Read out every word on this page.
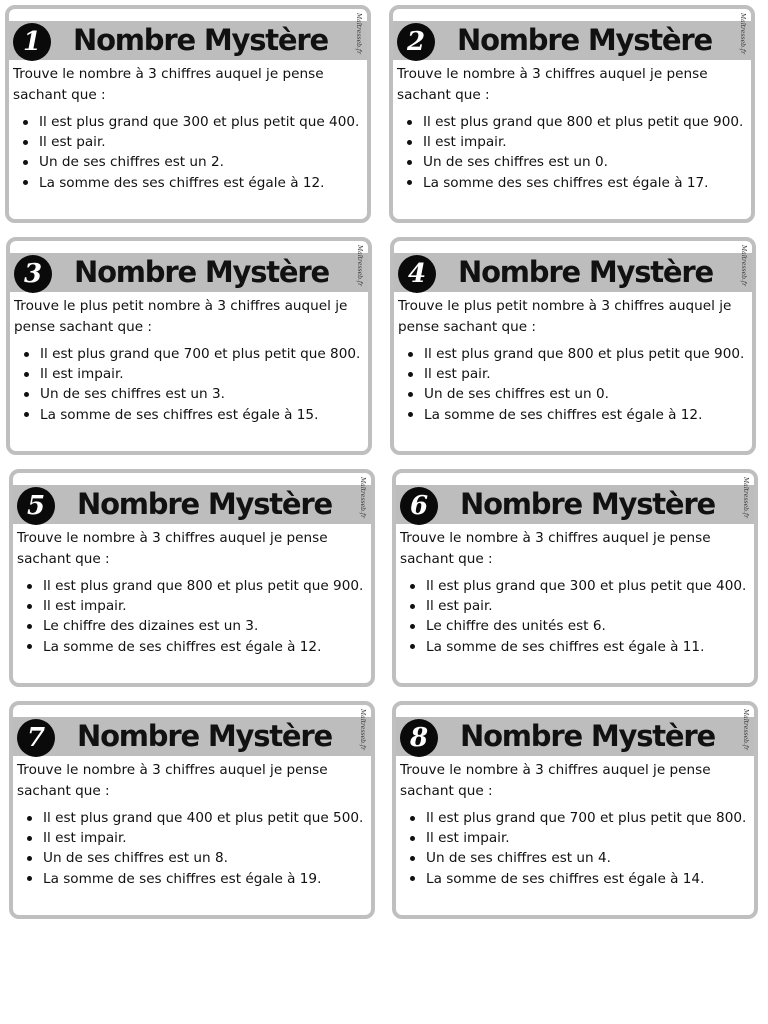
1	Nombre Mystère	Maîtresseb.fr

Trouve le nombre à 3 chiffres auquel je pense sachant que :

Il est plus grand que 300 et plus petit que 400.
Il est pair.
Un de ses chiffres est un 2.
La somme des ses chiffres est égale à 12.
2	Nombre Mystère	Maîtresseb.fr

Trouve le nombre à 3 chiffres auquel je pense sachant que :

Il est plus grand que 800 et plus petit que 900.
Il est impair.
Un de ses chiffres est un 0.
La somme des ses chiffres est égale à 17.
3	Nombre Mystère	Maîtresseb.fr

Trouve le plus petit nombre à 3 chiffres auquel je pense sachant que :

Il est plus grand que 700 et plus petit que 800.
Il est impair.
Un de ses chiffres est un 3.
La somme de ses chiffres est égale à 15.
4	Nombre Mystère	Maîtresseb.fr

Trouve le plus petit nombre à 3 chiffres auquel je pense sachant que :

Il est plus grand que 800 et plus petit que 900.
Il est pair.
Un de ses chiffres est un 0.
La somme de ses chiffres est égale à 12.
5	Nombre Mystère	Maîtresseb.fr

Trouve le nombre à 3 chiffres auquel je pense sachant que :

Il est plus grand que 800 et plus petit que 900.
Il est impair.
Le chiffre des dizaines est un 3.
La somme de ses chiffres est égale à 12.
6	Nombre Mystère	Maîtresseb.fr

Trouve le nombre à 3 chiffres auquel je pense sachant que :

Il est plus grand que 300 et plus petit que 400.
Il est pair.
Le chiffre des unités est 6.
La somme de ses chiffres est égale à 11.
7	Nombre Mystère	Maîtresseb.fr

Trouve le nombre à 3 chiffres auquel je pense sachant que :

Il est plus grand que 400 et plus petit que 500.
Il est impair.
Un de ses chiffres est un 8.
La somme de ses chiffres est égale à 19.
8	Nombre Mystère	Maîtresseb.fr

Trouve le nombre à 3 chiffres auquel je pense sachant que :

Il est plus grand que 700 et plus petit que 800.
Il est impair.
Un de ses chiffres est un 4.
La somme de ses chiffres est égale à 14.
